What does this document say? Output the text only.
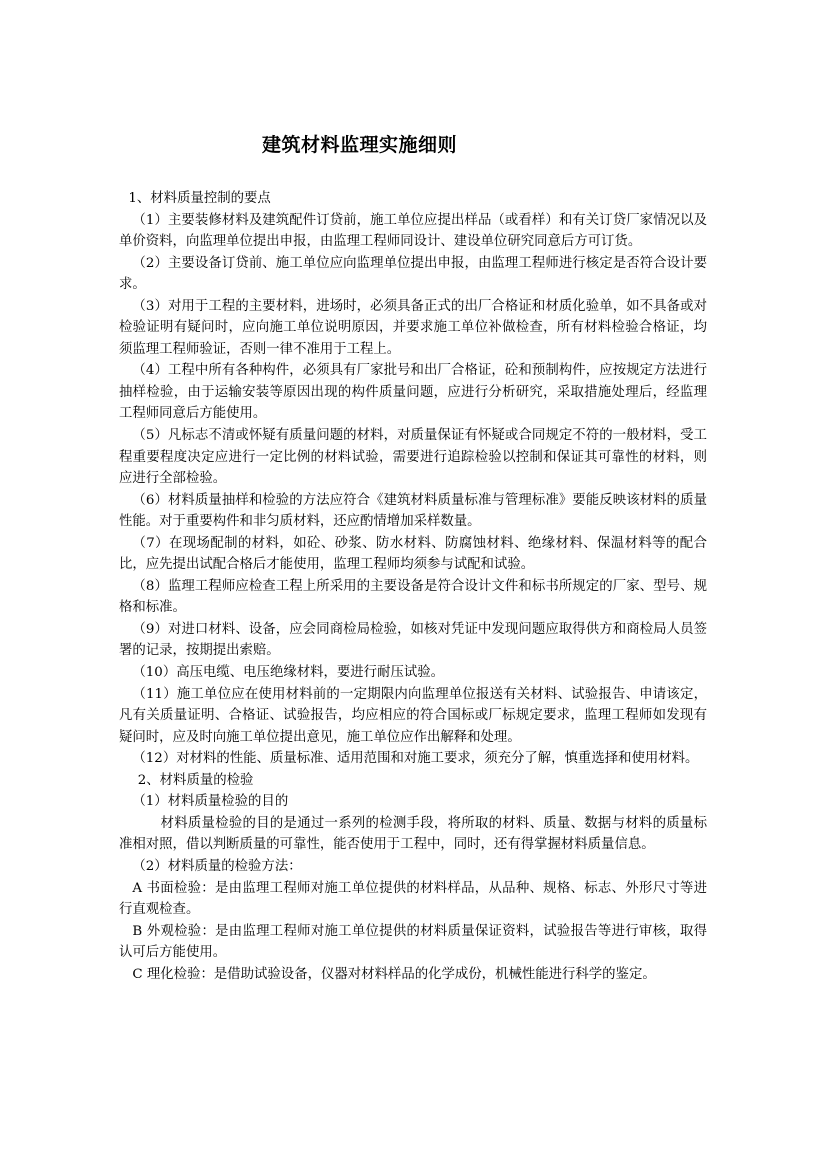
建筑材料监理实施细则

1、材料质量控制的要点

（1）主要装修材料及建筑配件订贷前，施工单位应提出样品（或看样）和有关订贷厂家情况以及单价资料，向监理单位提出申报，由监理工程师同设计、建设单位研究同意后方可订货。

（2）主要设备订贷前、施工单位应向监理单位提出申报，由监理工程师进行核定是否符合设计要求。

（3）对用于工程的主要材料，进场时，必须具备正式的出厂合格证和材质化验单，如不具备或对检验证明有疑问时，应向施工单位说明原因，并要求施工单位补做检查，所有材料检验合格证，均须监理工程师验证，否则一律不准用于工程上。

（4）工程中所有各种构件，必须具有厂家批号和出厂合格证，砼和预制构件，应按规定方法进行抽样检验，由于运输安装等原因出现的构件质量问题，应进行分析研究，采取措施处理后，经监理工程师同意后方能使用。

（5）凡标志不清或怀疑有质量问题的材料，对质量保证有怀疑或合同规定不符的一般材料，受工程重要程度决定应进行一定比例的材料试验，需要进行追踪检验以控制和保证其可靠性的材料，则应进行全部检验。

（6）材料质量抽样和检验的方法应符合《建筑材料质量标准与管理标准》要能反映该材料的质量性能。对于重要构件和非匀质材料，还应酌情增加采样数量。

（7）在现场配制的材料，如砼、砂浆、防水材料、防腐蚀材料、绝缘材料、保温材料等的配合比，应先提出试配合格后才能使用，监理工程师均须参与试配和试验。

（8）监理工程师应检查工程上所采用的主要设备是符合设计文件和标书所规定的厂家、型号、规格和标准。

（9）对进口材料、设备，应会同商检局检验，如核对凭证中发现问题应取得供方和商检局人员签署的记录，按期提出索赔。

（10）高压电缆、电压绝缘材料，要进行耐压试验。

（11）施工单位应在使用材料前的一定期限内向监理单位报送有关材料、试验报告、申请该定，凡有关质量证明、合格证、试验报告，均应相应的符合国标或厂标规定要求，监理工程师如发现有疑问时，应及时向施工单位提出意见，施工单位应作出解释和处理。

（12）对材料的性能、质量标准、适用范围和对施工要求，须充分了解，慎重选择和使用材料。

2、材料质量的检验

（1）材料质量检验的目的

材料质量检验的目的是通过一系列的检测手段，将所取的材料、质量、数据与材料的质量标准相对照，借以判断质量的可靠性，能否使用于工程中，同时，还有得掌握材料质量信息。

（2）材料质量的检验方法：

A 书面检验：是由监理工程师对施工单位提供的材料样品，从品种、规格、标志、外形尺寸等进行直观检查。

B 外观检验：是由监理工程师对施工单位提供的材料质量保证资料，试验报告等进行审核，取得认可后方能使用。

C 理化检验：是借助试验设备，仪器对材料样品的化学成份，机械性能进行科学的鉴定。
